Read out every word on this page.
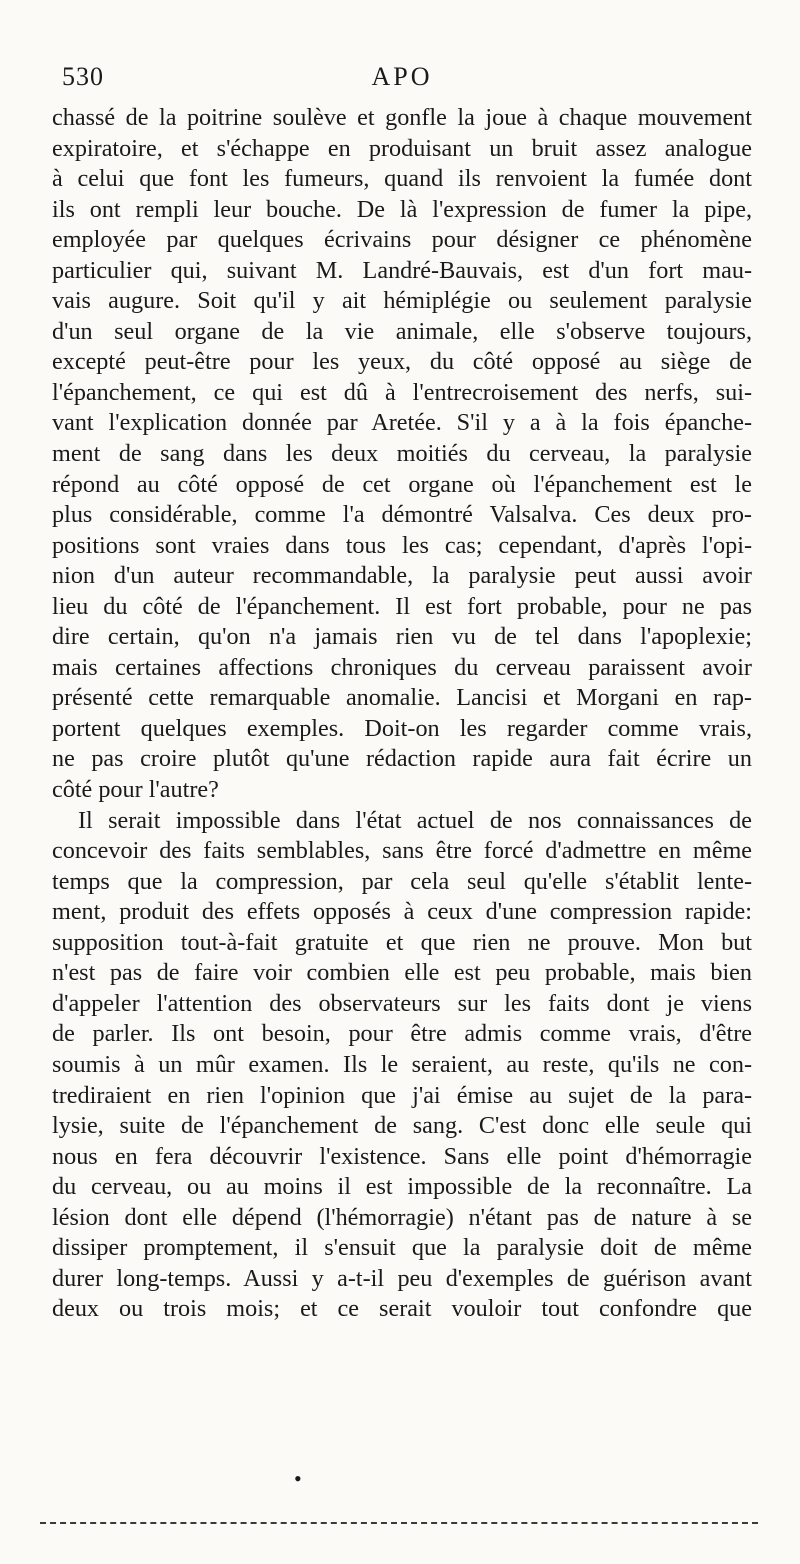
530	APO
chassé de la poitrine soulève et gonfle la joue à chaque mouvement
expiratoire, et s'échappe en produisant un bruit assez analogue
à celui que font les fumeurs, quand ils renvoient la fumée dont
ils ont rempli leur bouche. De là l'expression de fumer la pipe,
employée par quelques écrivains pour désigner ce phénomène
particulier qui, suivant M. Landré-Bauvais, est d'un fort mau-
vais augure. Soit qu'il y ait hémiplégie ou seulement paralysie
d'un seul organe de la vie animale, elle s'observe toujours,
excepté peut-être pour les yeux, du côté opposé au siège de
l'épanchement, ce qui est dû à l'entrecroisement des nerfs, sui-
vant l'explication donnée par Aretée. S'il y a à la fois épanche-
ment de sang dans les deux moitiés du cerveau, la paralysie
répond au côté opposé de cet organe où l'épanchement est le
plus considérable, comme l'a démontré Valsalva. Ces deux pro-
positions sont vraies dans tous les cas; cependant, d'après l'opi-
nion d'un auteur recommandable, la paralysie peut aussi avoir
lieu du côté de l'épanchement. Il est fort probable, pour ne pas
dire certain, qu'on n'a jamais rien vu de tel dans l'apoplexie;
mais certaines affections chroniques du cerveau paraissent avoir
présenté cette remarquable anomalie. Lancisi et Morgani en rap-
portent quelques exemples. Doit-on les regarder comme vrais,
ne pas croire plutôt qu'une rédaction rapide aura fait écrire un
côté pour l'autre?
Il serait impossible dans l'état actuel de nos connaissances de
concevoir des faits semblables, sans être forcé d'admettre en même
temps que la compression, par cela seul qu'elle s'établit lente-
ment, produit des effets opposés à ceux d'une compression rapide:
supposition tout-à-fait gratuite et que rien ne prouve. Mon but
n'est pas de faire voir combien elle est peu probable, mais bien
d'appeler l'attention des observateurs sur les faits dont je viens
de parler. Ils ont besoin, pour être admis comme vrais, d'être
soumis à un mûr examen. Ils le seraient, au reste, qu'ils ne con-
trediraient en rien l'opinion que j'ai émise au sujet de la para-
lysie, suite de l'épanchement de sang. C'est donc elle seule qui
nous en fera découvrir l'existence. Sans elle point d'hémorragie
du cerveau, ou au moins il est impossible de la reconnaître. La
lésion dont elle dépend (l'hémorragie) n'étant pas de nature à se
dissiper promptement, il s'ensuit que la paralysie doit de même
durer long-temps. Aussi y a-t-il peu d'exemples de guérison avant
deux ou trois mois; et ce serait vouloir tout confondre que
•
